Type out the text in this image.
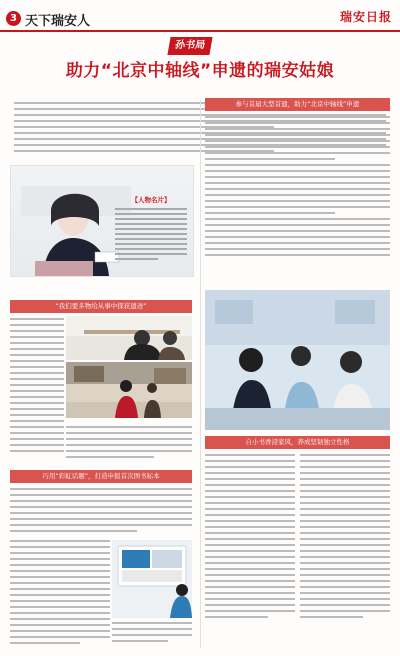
3 天下瑞安人	瑞安日报
孙书局
助力“北京中轴线”申遗的瑞安姑娘
【人物名片】
参与首届大型首遗，助力“北京中轴线”申遗
“我们要多物给从事中探获遗迹”
巧用“彩虹话题”，打造申报首次图书标本
自小书香浸家风，养成坚韧独立性格
